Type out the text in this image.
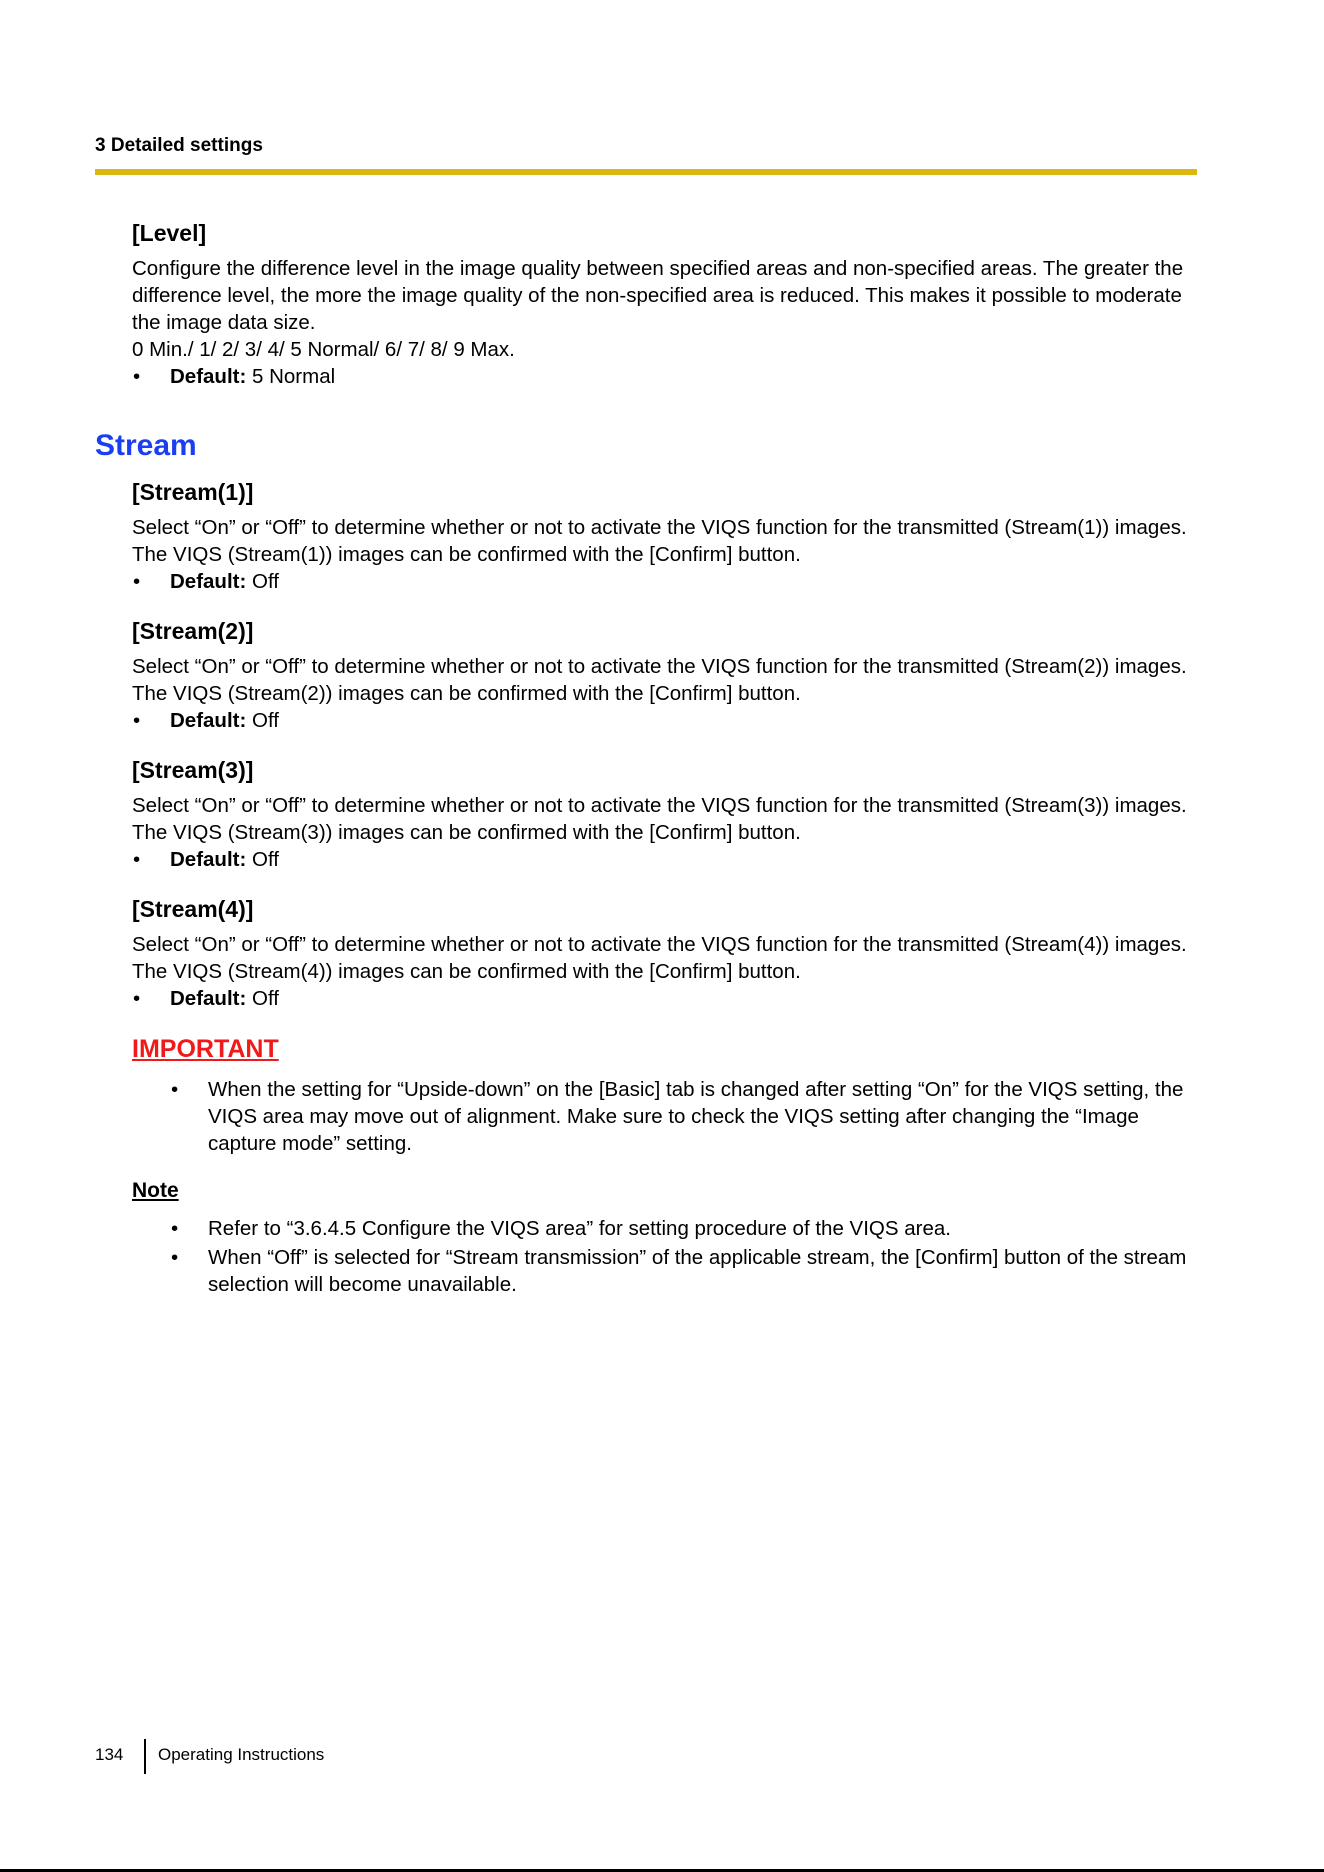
3 Detailed settings
[Level]

Configure the difference level in the image quality between specified areas and non-specified areas. The greater the difference level, the more the image quality of the non-specified area is reduced. This makes it possible to moderate the image data size.

0 Min./ 1/ 2/ 3/ 4/ 5 Normal/ 6/ 7/ 8/ 9 Max.

• Default: 5 Normal

Stream
[Stream(1)]

Select “On” or “Off” to determine whether or not to activate the VIQS function for the transmitted (Stream(1)) images.

The VIQS (Stream(1)) images can be confirmed with the [Confirm] button.

• Default: Off

[Stream(2)]

Select “On” or “Off” to determine whether or not to activate the VIQS function for the transmitted (Stream(2)) images.

The VIQS (Stream(2)) images can be confirmed with the [Confirm] button.

• Default: Off

[Stream(3)]

Select “On” or “Off” to determine whether or not to activate the VIQS function for the transmitted (Stream(3)) images.

The VIQS (Stream(3)) images can be confirmed with the [Confirm] button.

• Default: Off

[Stream(4)]

Select “On” or “Off” to determine whether or not to activate the VIQS function for the transmitted (Stream(4)) images.

The VIQS (Stream(4)) images can be confirmed with the [Confirm] button.

• Default: Off

IMPORTANT
• When the setting for “Upside-down” on the [Basic] tab is changed after setting “On” for the VIQS setting, the VIQS area may move out of alignment. Make sure to check the VIQS setting after changing the “Image capture mode” setting.
Note
• Refer to “3.6.4.5 Configure the VIQS area” for setting procedure of the VIQS area.
• When “Off” is selected for “Stream transmission” of the applicable stream, the [Confirm] button of the stream selection will become unavailable.
134 Operating Instructions
